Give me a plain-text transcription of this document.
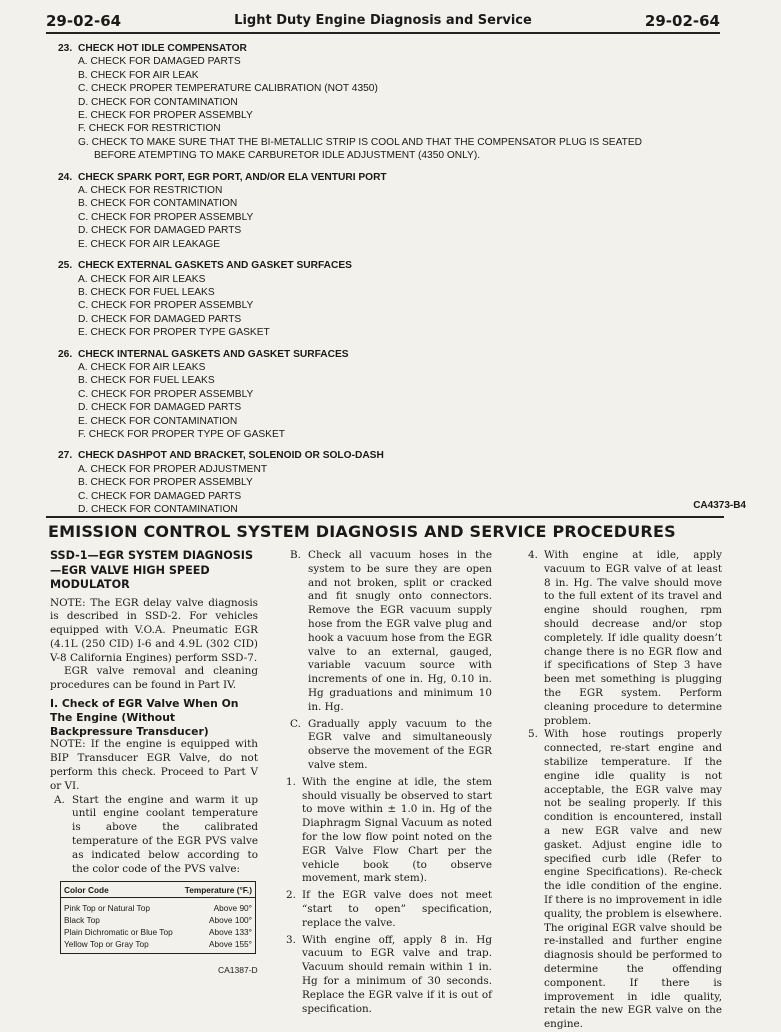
29-02-64	Light Duty Engine Diagnosis and Service	29-02-64
23. CHECK HOT IDLE COMPENSATOR
A. CHECK FOR DAMAGED PARTS
B. CHECK FOR AIR LEAK
C. CHECK PROPER TEMPERATURE CALIBRATION (NOT 4350)
D. CHECK FOR CONTAMINATION
E. CHECK FOR PROPER ASSEMBLY
F. CHECK FOR RESTRICTION
G. CHECK TO MAKE SURE THAT THE BI-METALLIC STRIP IS COOL AND THAT THE COMPENSATOR PLUG IS SEATED
BEFORE ATEMPTING TO MAKE CARBURETOR IDLE ADJUSTMENT (4350 ONLY).
24. CHECK SPARK PORT, EGR PORT, AND/OR ELA VENTURI PORT
A. CHECK FOR RESTRICTION
B. CHECK FOR CONTAMINATION
C. CHECK FOR PROPER ASSEMBLY
D. CHECK FOR DAMAGED PARTS
E. CHECK FOR AIR LEAKAGE
25. CHECK EXTERNAL GASKETS AND GASKET SURFACES
A. CHECK FOR AIR LEAKS
B. CHECK FOR FUEL LEAKS
C. CHECK FOR PROPER ASSEMBLY
D. CHECK FOR DAMAGED PARTS
E. CHECK FOR PROPER TYPE GASKET
26. CHECK INTERNAL GASKETS AND GASKET SURFACES
A. CHECK FOR AIR LEAKS
B. CHECK FOR FUEL LEAKS
C. CHECK FOR PROPER ASSEMBLY
D. CHECK FOR DAMAGED PARTS
E. CHECK FOR CONTAMINATION
F. CHECK FOR PROPER TYPE OF GASKET
27. CHECK DASHPOT AND BRACKET, SOLENOID OR SOLO-DASH
A. CHECK FOR PROPER ADJUSTMENT
B. CHECK FOR PROPER ASSEMBLY
C. CHECK FOR DAMAGED PARTS
D. CHECK FOR CONTAMINATION	CA4373-B4
EMISSION CONTROL SYSTEM DIAGNOSIS AND SERVICE PROCEDURES

SSD-1—EGR SYSTEM DIAGNOSIS—EGR VALVE HIGH SPEED MODULATOR

NOTE: The EGR delay valve diagnosis is described in SSD-2. For vehicles equipped with V.O.A. Pneumatic EGR (4.1L (250 CID) I-6 and 4.9L (302 CID) V-8 California Engines) perform SSD-7.

EGR valve removal and cleaning procedures can be found in Part IV.

I. Check of EGR Valve When On The Engine (Without Backpressure Transducer)

NOTE: If the engine is equipped with BIP Transducer EGR Valve, do not perform this check. Proceed to Part V or VI.

A. Start the engine and warm it up until engine coolant temperature is above the calibrated temperature of the EGR PVS valve as indicated below according to the color code of the PVS valve:

Color Code	Temperature (°F.)
Pink Top or Natural Top	Above 90°
Black Top	Above 100°
Plain Dichromatic or Blue Top	Above 133°
Yellow Top or Gray Top	Above 155°
CA1387-D

B. Check all vacuum hoses in the system to be sure they are open and not broken, split or cracked and fit snugly onto connectors. Remove the EGR vacuum supply hose from the EGR valve plug and hook a vacuum hose from the EGR valve to an external, gauged, variable vacuum source with increments of one in. Hg, 0.10 in. Hg graduations and minimum 10 in. Hg.

C. Gradually apply vacuum to the EGR valve and simultaneously observe the movement of the EGR valve stem.

1. With the engine at idle, the stem should visually be observed to start to move within ± 1.0 in. Hg of the Diaphragm Signal Vacuum as noted for the low flow point noted on the EGR Valve Flow Chart per the vehicle book (to observe movement, mark stem).

2. If the EGR valve does not meet “start to open” specification, replace the valve.

3. With engine off, apply 8 in. Hg vacuum to EGR valve and trap. Vacuum should remain within 1 in. Hg for a minimum of 30 seconds. Replace the EGR valve if it is out of specification.

4. With engine at idle, apply vacuum to EGR valve of at least 8 in. Hg. The valve should move to the full extent of its travel and engine should roughen, rpm should decrease and/or stop completely. If idle quality doesn’t change there is no EGR flow and if specifications of Step 3 have been met something is plugging the EGR system. Perform cleaning procedure to determine problem.

5. With hose routings properly connected, re-start engine and stabilize temperature. If the engine idle quality is not acceptable, the EGR valve may not be sealing properly. If this condition is encountered, install a new EGR valve and new gasket. Adjust engine idle to specified curb idle (Refer to engine Specifications). Re-check the idle condition of the engine. If there is no improvement in idle quality, the problem is elsewhere. The original EGR valve should be re-installed and further engine diagnosis should be performed to determine the offending component. If there is improvement in idle quality, retain the new EGR valve on the engine.
